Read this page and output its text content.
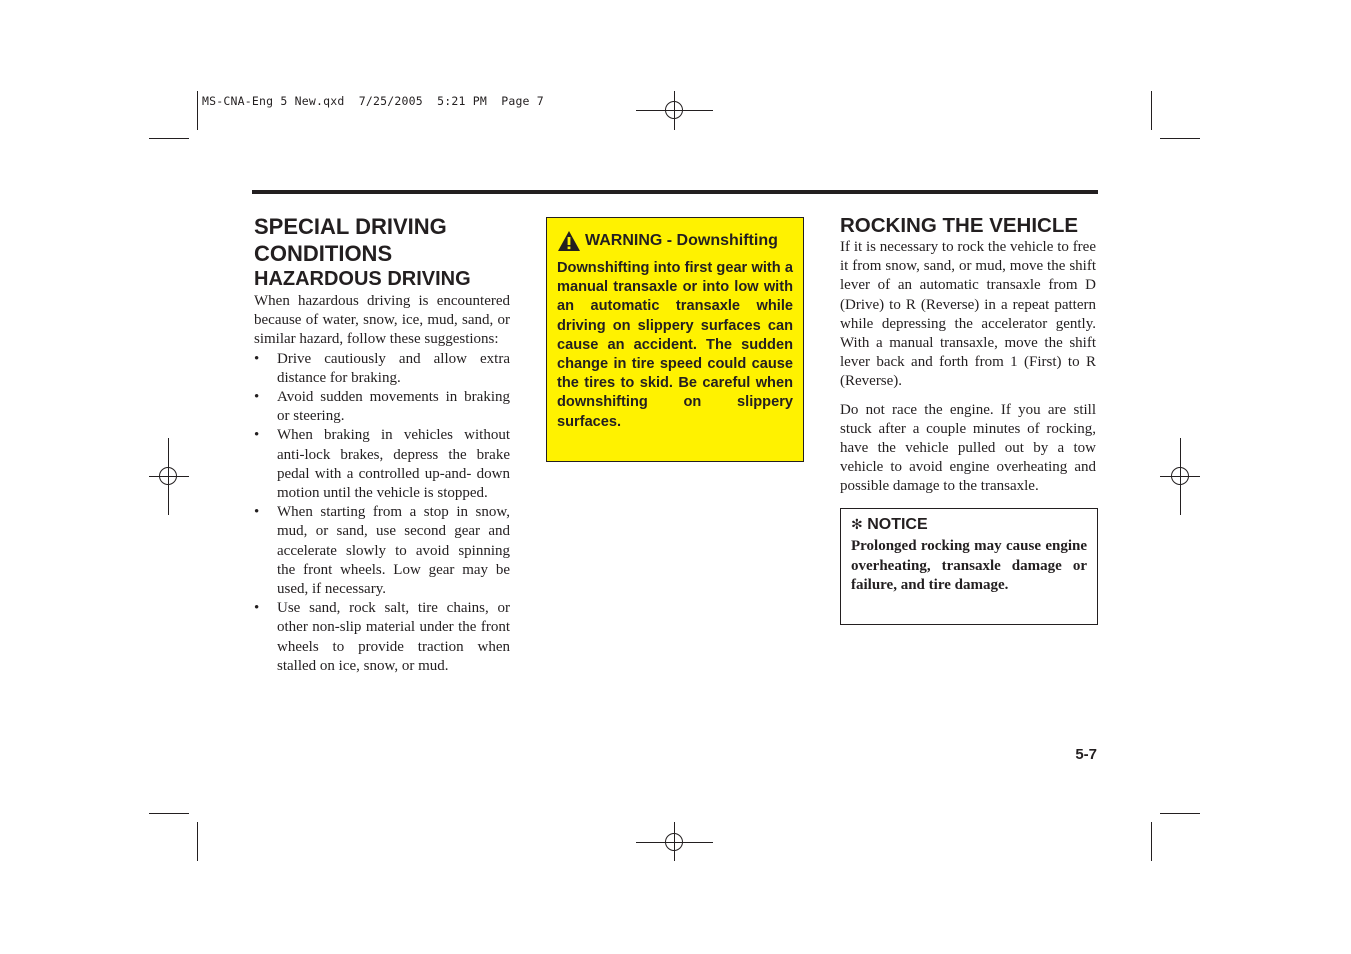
MS-CNA-Eng 5 New.qxd  7/25/2005  5:21 PM  Page 7
SPECIAL DRIVING CONDITIONS
HAZARDOUS DRIVING
When hazardous driving is encountered because of water, snow, ice, mud, sand, or similar hazard, follow these suggestions:
• Drive cautiously and allow extra distance for braking.
• Avoid sudden movements in braking or steering.
• When braking in vehicles without anti-lock brakes, depress the brake pedal with a controlled up-and- down motion until the vehicle is stopped.
• When starting from a stop in snow, mud, or sand, use second gear and accelerate slowly to avoid spinning the front wheels. Low gear may be used, if necessary.
• Use sand, rock salt, tire chains, or other non-slip material under the front wheels to provide traction when stalled on ice, snow, or mud.
WARNING - Downshifting
Downshifting into first gear with a manual transaxle or into low with an automatic transaxle while driving on slippery surfaces can cause an accident. The sudden change in tire speed could cause the tires to skid. Be careful when downshifting on slippery surfaces.
ROCKING THE VEHICLE
If it is necessary to rock the vehicle to free it from snow, sand, or mud, move the shift lever of an automatic transaxle from D (Drive) to R (Reverse) in a repeat pattern while depressing the accelerator gently. With a manual transaxle, move the shift lever back and forth from 1 (First) to R (Reverse).
Do not race the engine. If you are still stuck after a couple minutes of rocking, have the vehicle pulled out by a tow vehicle to avoid engine overheating and possible damage to the transaxle.
✻ NOTICE
Prolonged rocking may cause engine overheating, transaxle damage or failure, and tire damage.
5-7
